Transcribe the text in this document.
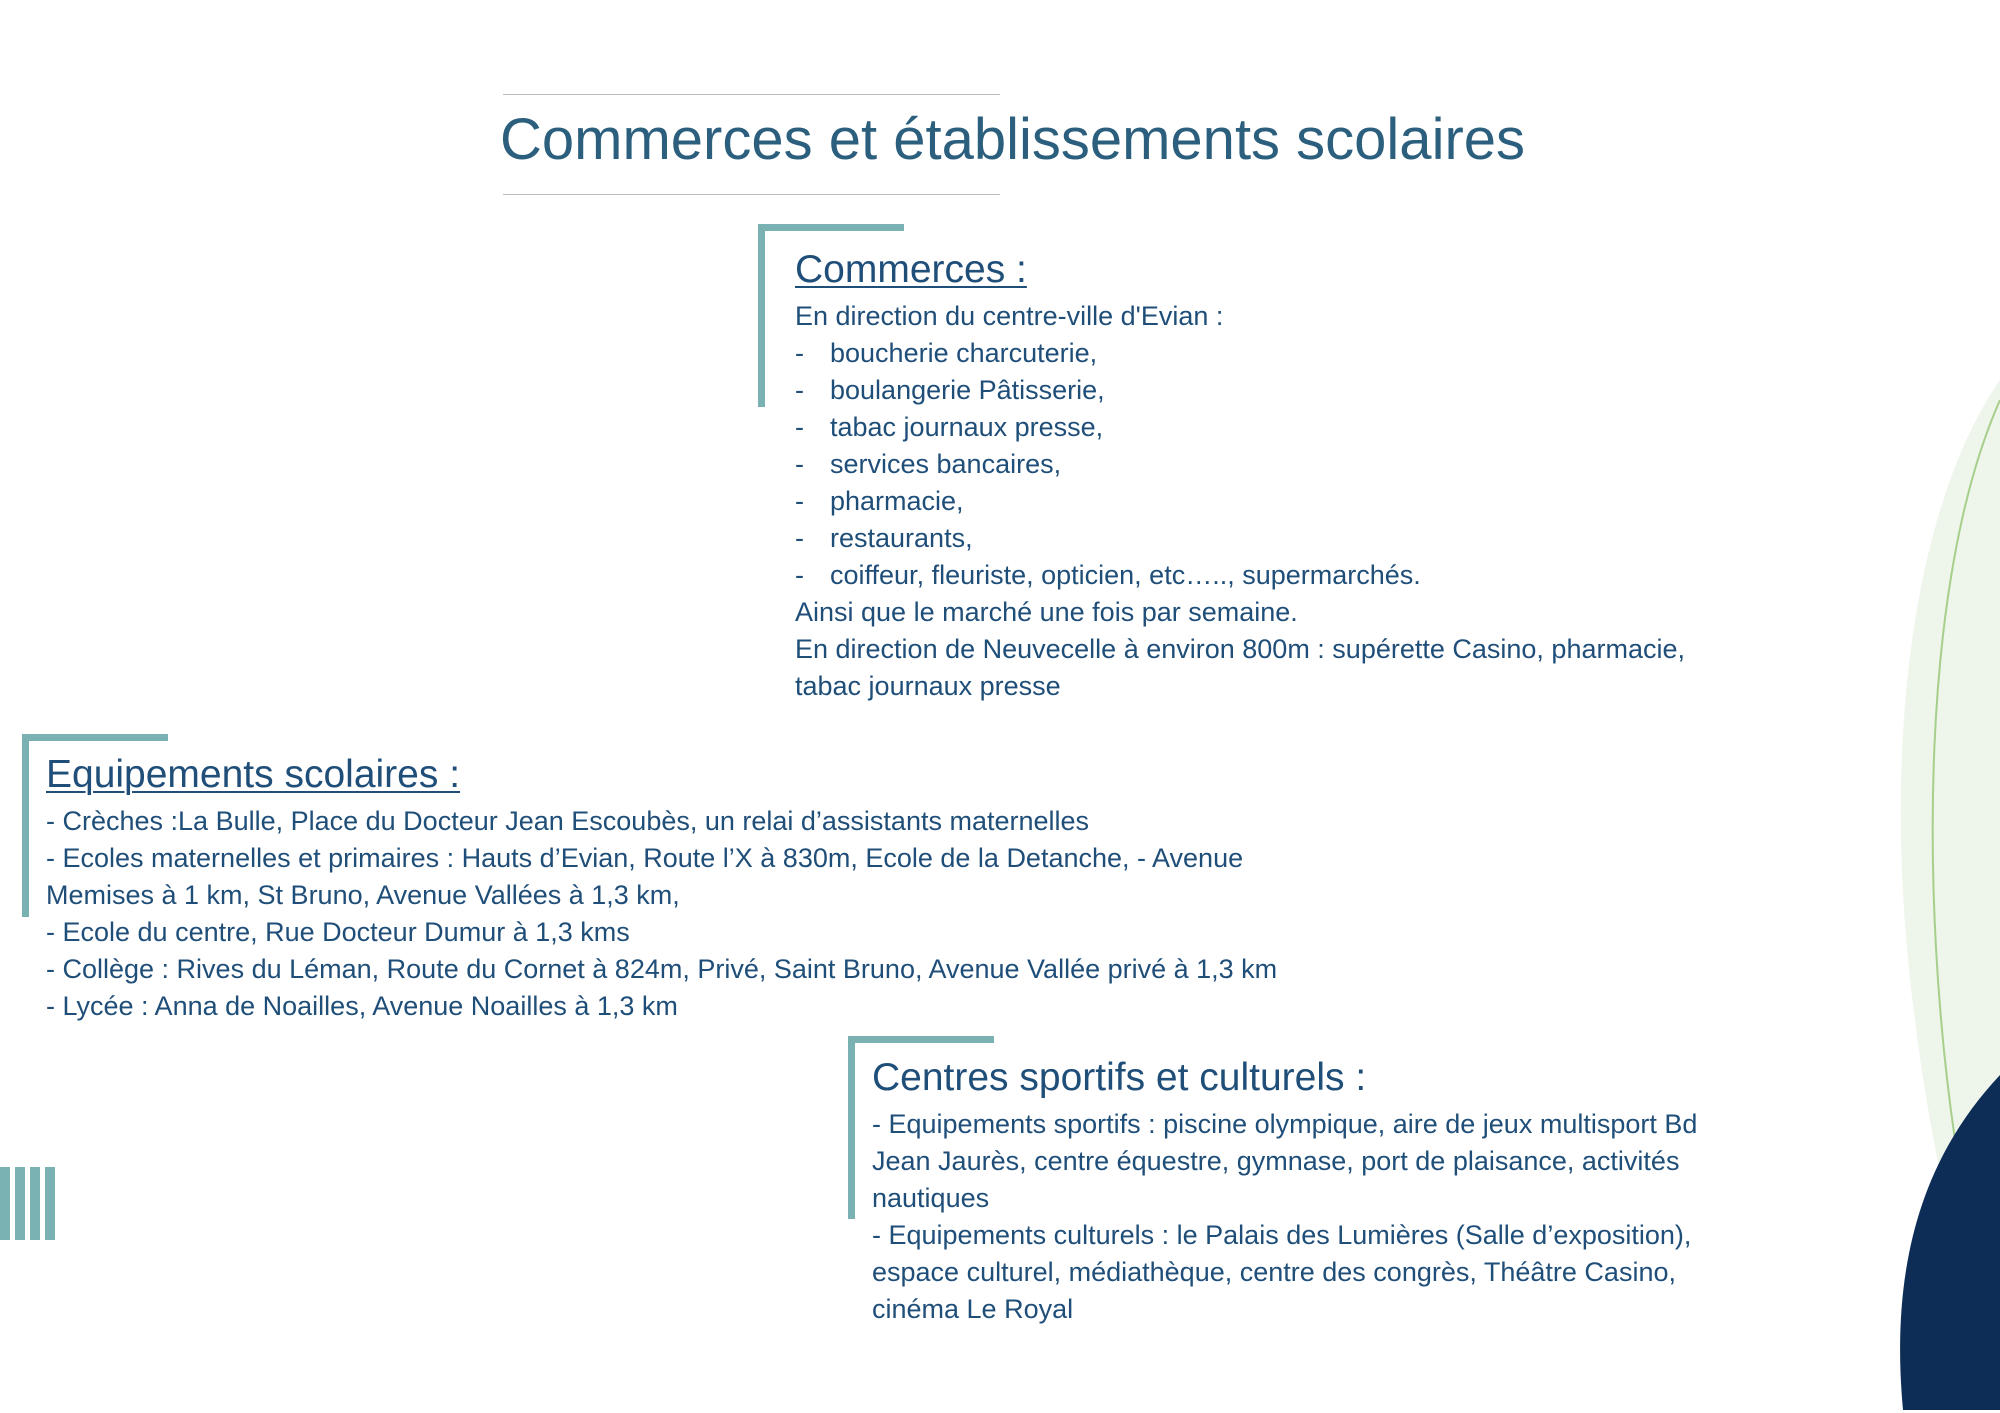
Commerces et établissements scolaires
Commerces :
En direction du centre-ville d'Evian :
- boucherie charcuterie,
- boulangerie Pâtisserie,
- tabac journaux presse,
- services bancaires,
- pharmacie,
- restaurants,
- coiffeur, fleuriste, opticien, etc….., supermarchés.
Ainsi que le marché une fois par semaine.
En direction de Neuvecelle à environ 800m : supérette Casino, pharmacie,
tabac journaux presse
Equipements scolaires :
- Crèches :La Bulle, Place du Docteur Jean Escoubès, un relai d’assistants maternelles
- Ecoles maternelles et primaires : Hauts d’Evian, Route l’X à 830m, Ecole de la Detanche, - Avenue
Memises à 1 km, St Bruno, Avenue Vallées à 1,3 km,
- Ecole du centre, Rue Docteur Dumur à 1,3 kms
- Collège : Rives du Léman, Route du Cornet à 824m, Privé, Saint Bruno, Avenue Vallée privé à 1,3 km
- Lycée : Anna de Noailles, Avenue Noailles à 1,3 km
Centres sportifs et culturels :
- Equipements sportifs : piscine olympique, aire de jeux multisport Bd
Jean Jaurès, centre équestre, gymnase, port de plaisance, activités
nautiques
- Equipements culturels : le Palais des Lumières (Salle d’exposition),
espace culturel, médiathèque, centre des congrès, Théâtre Casino,
cinéma Le Royal
